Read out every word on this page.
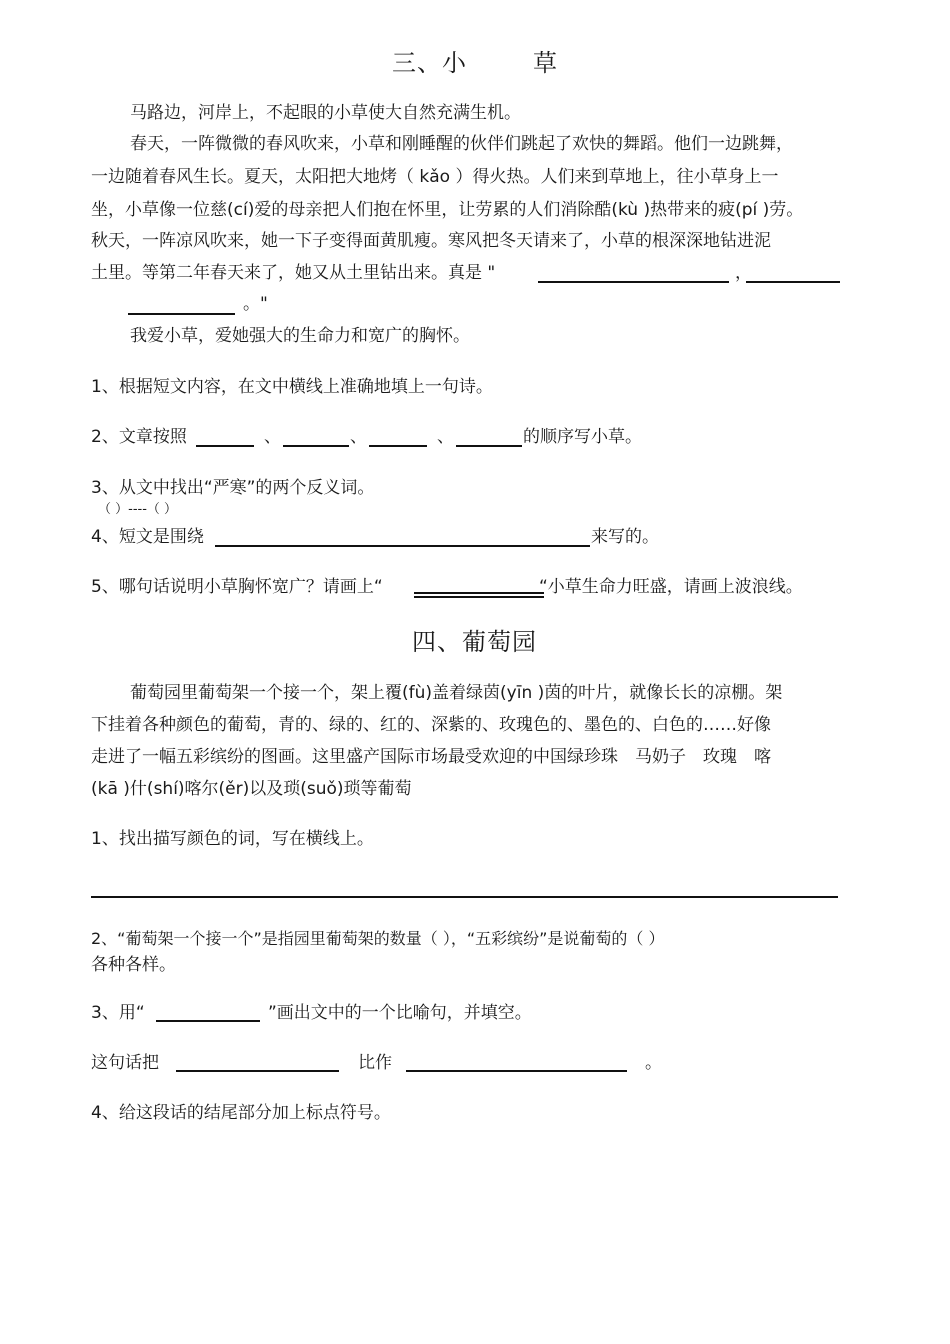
三、小	草
马路边，河岸上，不起眼的小草使大自然充满生机。
春天，一阵微微的春风吹来，小草和刚睡醒的伙伴们跳起了欢快的舞蹈。他们一边跳舞，
一边随着春风生长。夏天，太阳把大地烤（ kǎo ）得火热。人们来到草地上，往小草身上一
坐，小草像一位慈(cí)爱的母亲把人们抱在怀里，让劳累的人们消除酷(kù )热带来的疲(pí )劳。
秋天，一阵凉风吹来，她一下子变得面黄肌瘦。寒风把冬天请来了，小草的根深深地钻进泥
土里。等第二年春天来了，她又从土里钻出来。真是 "	，
。"
我爱小草，爱她强大的生命力和宽广的胸怀。
1、根据短文内容，在文中横线上准确地填上一句诗。
2、文章按照	、	、	、	的顺序写小草。
3、从文中找出“严寒”的两个反义词。
（ ）----（ ）
4、短文是围绕	来写的。
5、哪句话说明小草胸怀宽广？请画上“	“小草生命力旺盛，请画上波浪线。
四、葡萄园
葡萄园里葡萄架一个接一个，架上覆(fù)盖着绿茵(yīn )茵的叶片，就像长长的凉棚。架
下挂着各种颜色的葡萄，青的、绿的、红的、深紫的、玫瑰色的、墨色的、白色的……好像
走进了一幅五彩缤纷的图画。这里盛产国际市场最受欢迎的中国绿珍珠　马奶子　玫瑰　喀
(kā )什(shí)喀尔(ěr)以及琐(suǒ)琐等葡萄
1、找出描写颜色的词，写在横线上。
2、“葡萄架一个接一个”是指园里葡萄架的数量（ ），“五彩缤纷”是说葡萄的（ ）
各种各样。
3、用“	”画出文中的一个比喻句，并填空。
这句话把	比作	。
4、给这段话的结尾部分加上标点符号。
